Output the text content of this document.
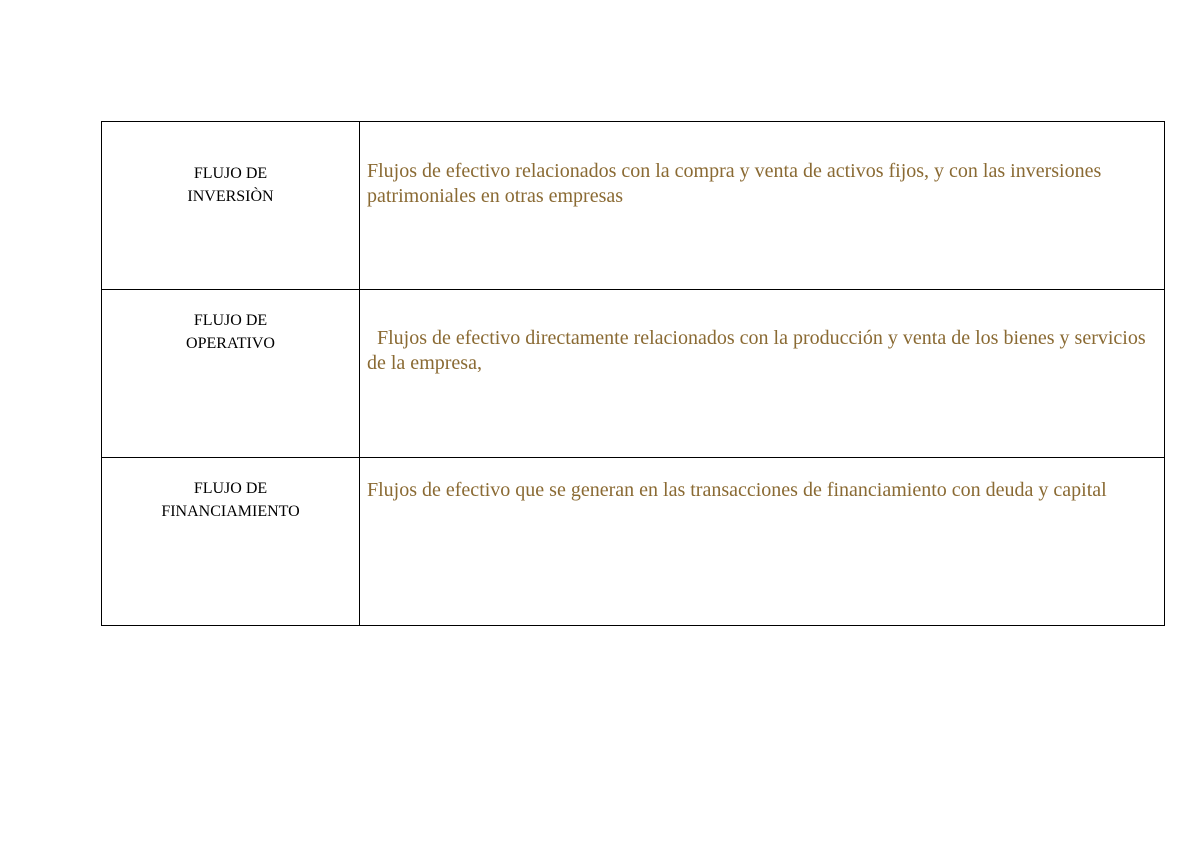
FLUJO DE
INVERSIÒN	Flujos de efectivo relacionados con la compra y venta de activos fijos, y con las inversiones patrimoniales en otras empresas

FLUJO DE
OPERATIVO	Flujos de efectivo directamente relacionados con la producción y venta de los bienes y servicios de la empresa,

FLUJO DE
FINANCIAMIENTO	Flujos de efectivo que se generan en las transacciones de financiamiento con deuda y capital
